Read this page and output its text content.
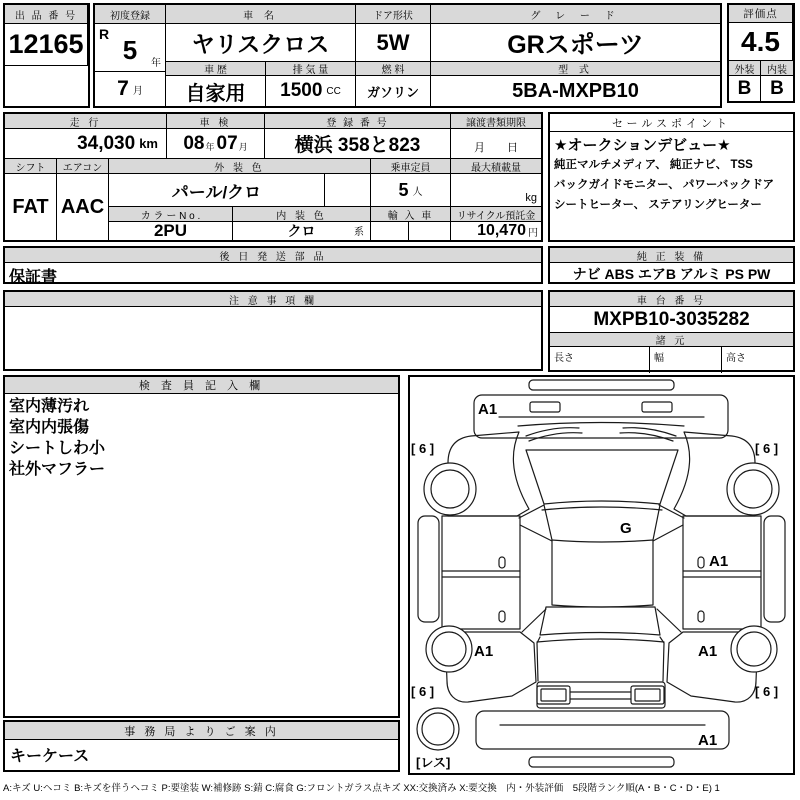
出 品 番 号
12165
初度登録	車 名	ドア形状	グ レ ー ド
R
5 年
7 月
ヤリスクロス	5W	GRスポーツ
車 歴	排 気 量	燃 料	型 式
自家用	1500 CC	ガソリン	5BA-MXPB10
評価点
4.5
外装	内装
B B
走 行	車 検	登 録 番 号	譲渡書類期限
34,030 km 08 年 07 月	横浜 358と823	月　　日
シフト	エアコン	外 装 色	乗車定員	最大積載量
FAT AAC
パール/クロ	5 人	kg
カ ラ ー N o .	内 装 色	輸 入 車	リサイクル預託金
2PU	クロ	系	10,470 円
セールスポイント
★オークションデビュー★
純正マルチメディア、 純正ナビ、 TSS
バックガイドモニター、 パワーバックドア
シートヒーター、 ステアリングヒーター
後 日 発 送 部 品
保証書
純 正 装 備
ナビ ABS エアB アルミ PS PW
注 意 事 項 欄	車 台 番 号
MXPB10-3035282
諸 元
長さ	幅	高さ
検 査 員 記 入 欄
室内薄汚れ
室内内張傷
シートしわ小
社外マフラー
A1
G
A1
A1	A1
A1
[ 6 ]	[ 6 ]
[ 6 ]	[ 6 ]
[レス]
事 務 局 よ り ご 案 内
キーケース
A:キズ U:ヘコミ B:キズを伴うヘコミ P:要塗装 W:補修跡 S:錆 C:腐食 G:フロントガラス点キズ XX:交換済み X:要交換　内・外装評価　5段階ランク順(A・B・C・D・E) 1
